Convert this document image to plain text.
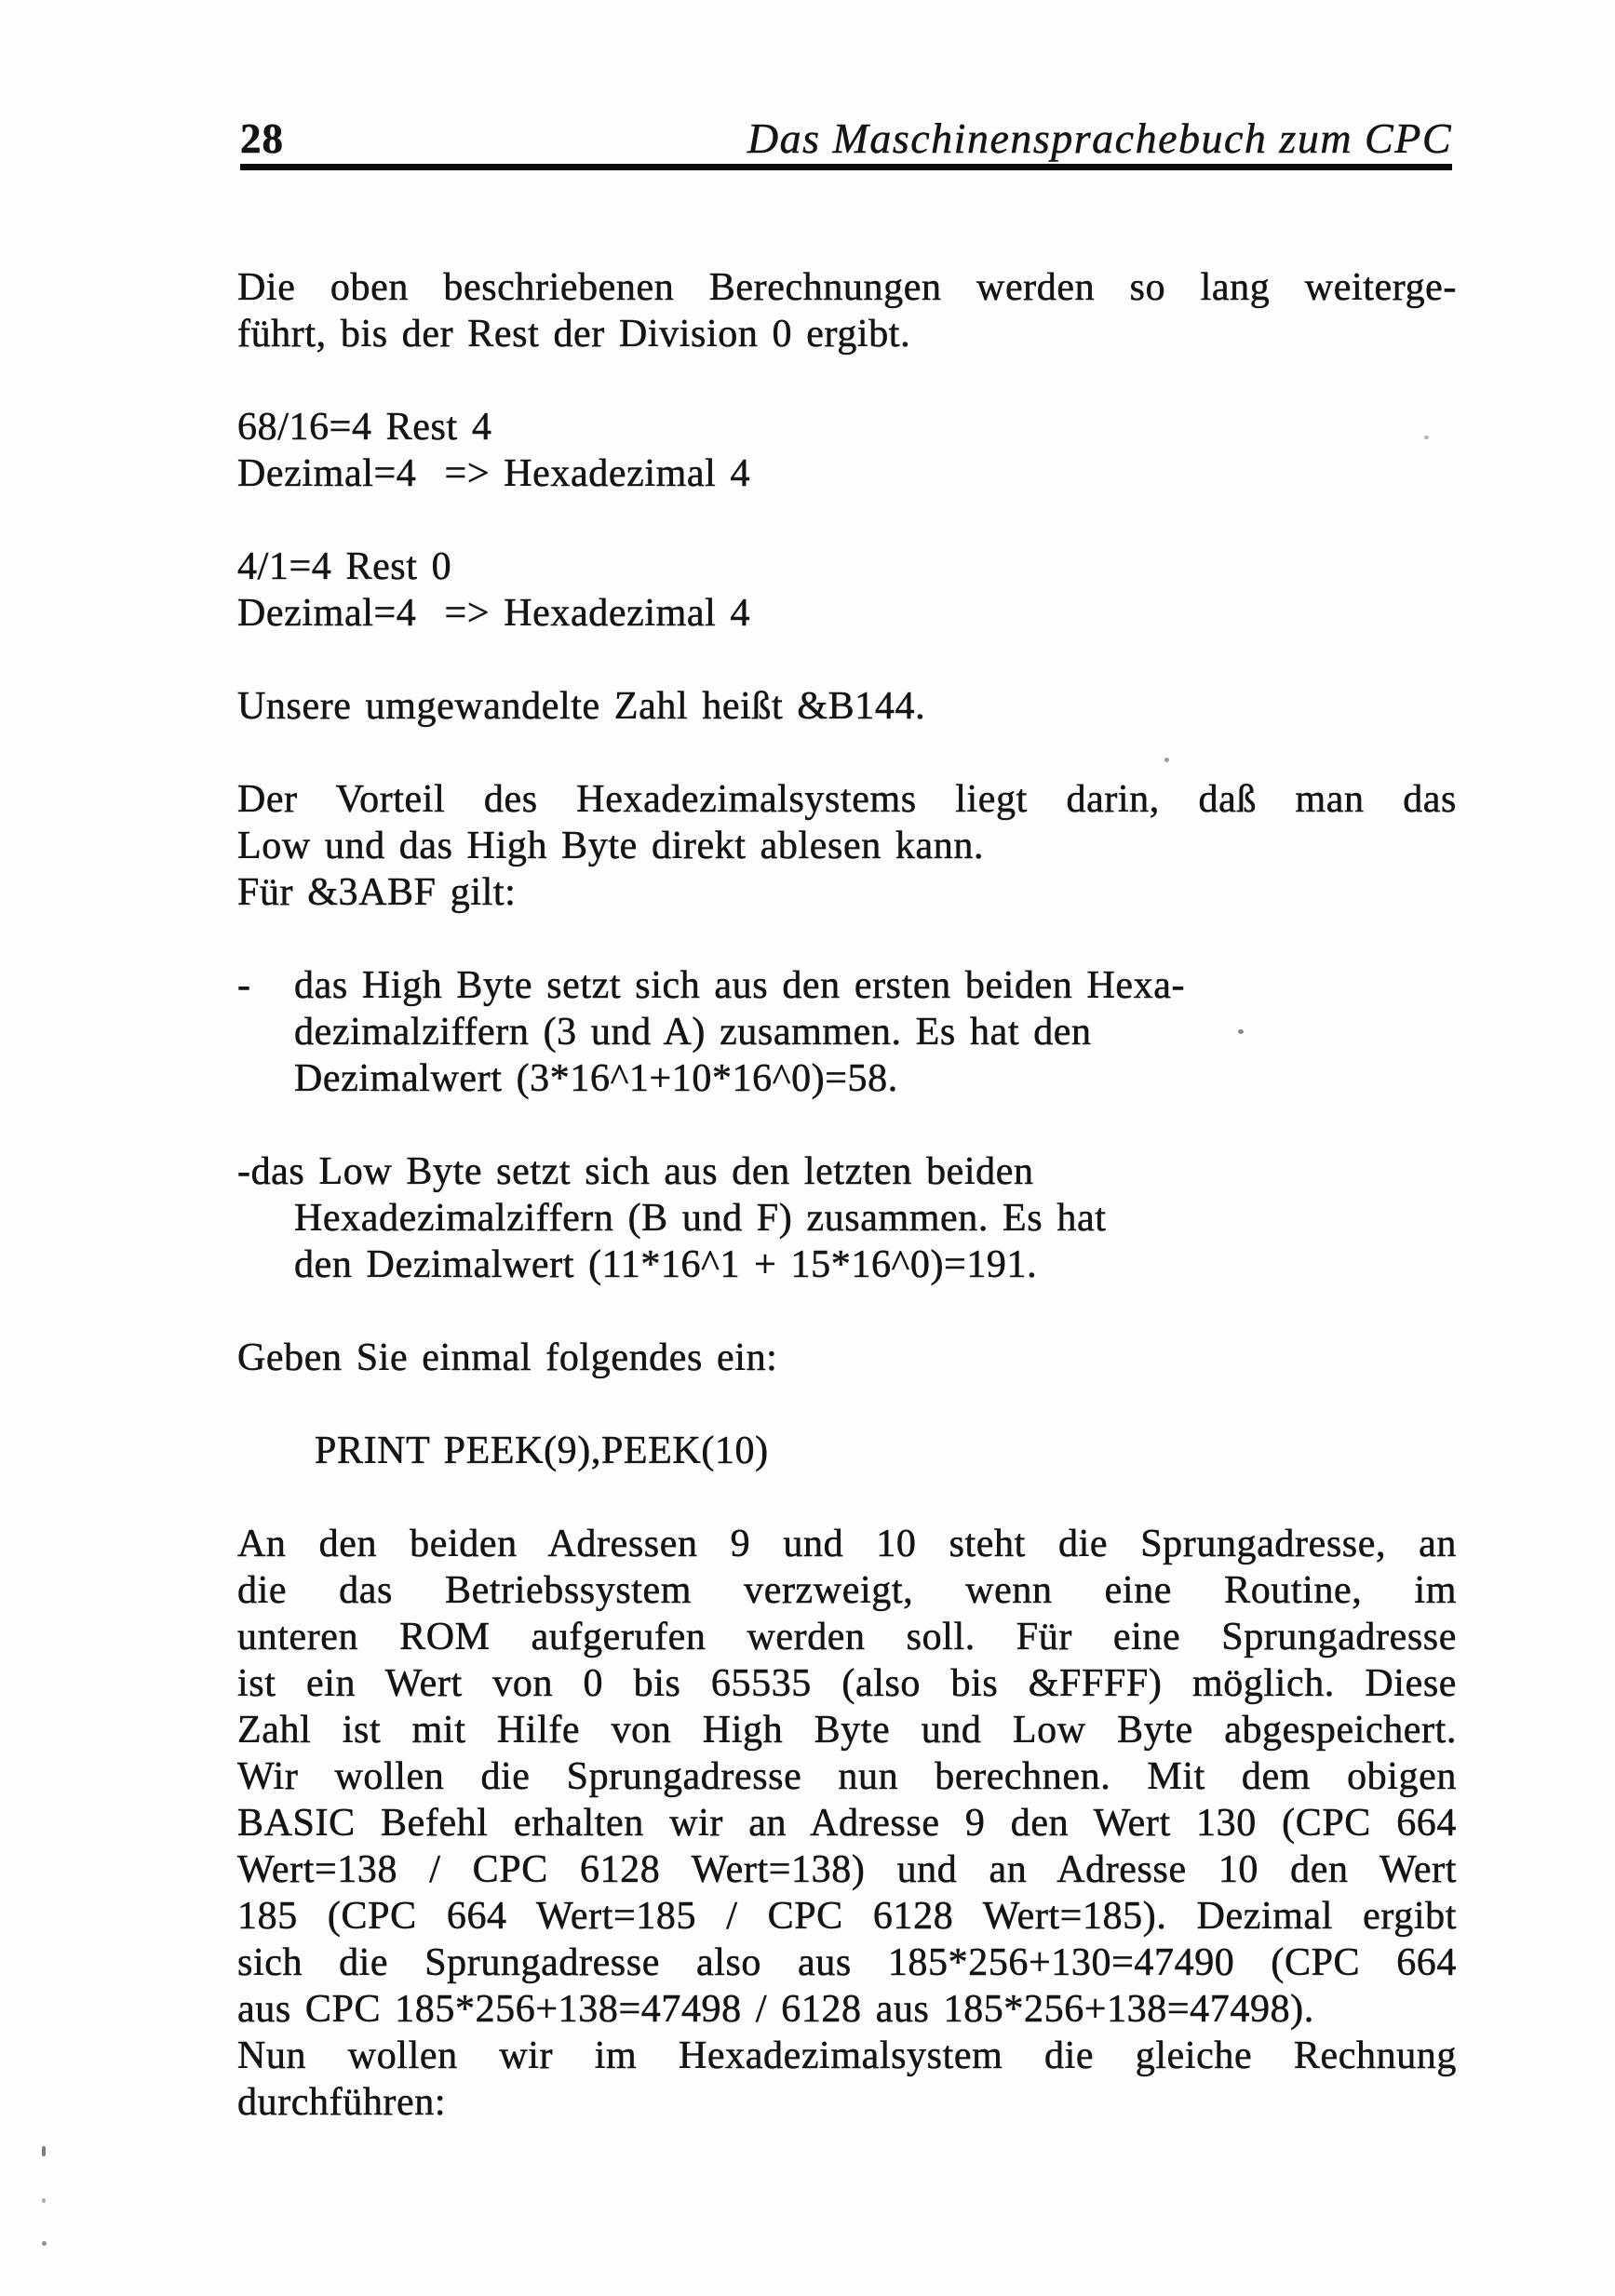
28	Das Maschinensprachebuch zum CPC
Die oben beschriebenen Berechnungen werden so lang weiterge-
führt, bis der Rest der Division 0 ergibt.
68/16=4 Rest 4
Dezimal=4  => Hexadezimal 4
4/1=4 Rest 0
Dezimal=4  => Hexadezimal 4
Unsere umgewandelte Zahl heißt &B144.
Der Vorteil des Hexadezimalsystems liegt darin, daß man das
Low und das High Byte direkt ablesen kann.
Für &3ABF gilt:
-	das High Byte setzt sich aus den ersten beiden Hexa-
dezimalziffern (3 und A) zusammen. Es hat den
Dezimalwert (3*16^1+10*16^0)=58.
-das Low Byte setzt sich aus den letzten beiden
Hexadezimalziffern (B und F) zusammen. Es hat
den Dezimalwert (11*16^1 + 15*16^0)=191.
Geben Sie einmal folgendes ein:
PRINT PEEK(9),PEEK(10)
An den beiden Adressen 9 und 10 steht die Sprungadresse, an
die das Betriebssystem verzweigt, wenn eine Routine, im
unteren ROM aufgerufen werden soll. Für eine Sprungadresse
ist ein Wert von 0 bis 65535 (also bis &FFFF) möglich. Diese
Zahl ist mit Hilfe von High Byte und Low Byte abgespeichert.
Wir wollen die Sprungadresse nun berechnen. Mit dem obigen
BASIC Befehl erhalten wir an Adresse 9 den Wert 130 (CPC 664
Wert=138 / CPC 6128 Wert=138) und an Adresse 10 den Wert
185 (CPC 664 Wert=185 / CPC 6128 Wert=185). Dezimal ergibt
sich die Sprungadresse also aus 185*256+130=47490 (CPC 664
aus CPC 185*256+138=47498 / 6128 aus 185*256+138=47498).
Nun wollen wir im Hexadezimalsystem die gleiche Rechnung
durchführen:
